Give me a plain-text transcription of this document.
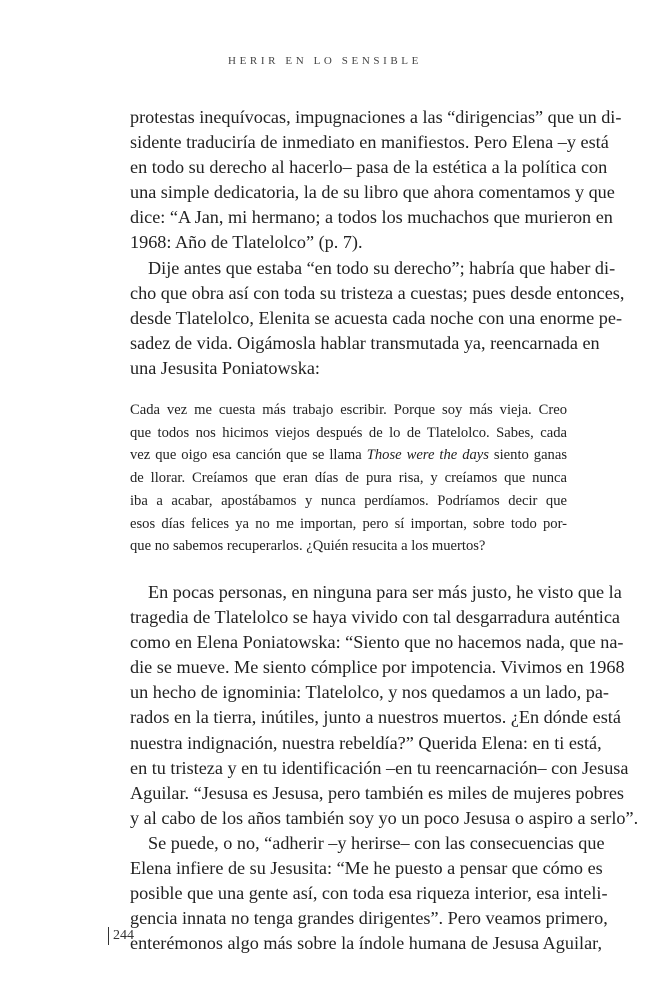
HERIR EN LO SENSIBLE
protestas inequívocas, impugnaciones a las “dirigencias” que un di-
sidente traduciría de inmediato en manifiestos. Pero Elena –y está
en todo su derecho al hacerlo– pasa de la estética a la política con
una simple dedicatoria, la de su libro que ahora comentamos y que
dice: “A Jan, mi hermano; a todos los muchachos que murieron en
1968: Año de Tlatelolco” (p. 7).
Dije antes que estaba “en todo su derecho”; habría que haber di-
cho que obra así con toda su tristeza a cuestas; pues desde entonces,
desde Tlatelolco, Elenita se acuesta cada noche con una enorme pe-
sadez de vida. Oigámosla hablar transmutada ya, reencarnada en
una Jesusita Poniatowska:
Cada vez me cuesta más trabajo escribir. Porque soy más vieja. Creo
que todos nos hicimos viejos después de lo de Tlatelolco. Sabes, cada
vez que oigo esa canción que se llama Those were the days siento ganas
de llorar. Creíamos que eran días de pura risa, y creíamos que nunca
iba a acabar, apostábamos y nunca perdíamos. Podríamos decir que
esos días felices ya no me importan, pero sí importan, sobre todo por-
que no sabemos recuperarlos. ¿Quién resucita a los muertos?
En pocas personas, en ninguna para ser más justo, he visto que la
tragedia de Tlatelolco se haya vivido con tal desgarradura auténtica
como en Elena Poniatowska: “Siento que no hacemos nada, que na-
die se mueve. Me siento cómplice por impotencia. Vivimos en 1968
un hecho de ignominia: Tlatelolco, y nos quedamos a un lado, pa-
rados en la tierra, inútiles, junto a nuestros muertos. ¿En dónde está
nuestra indignación, nuestra rebeldía?” Querida Elena: en ti está,
en tu tristeza y en tu identificación –en tu reencarnación– con Jesusa
Aguilar. “Jesusa es Jesusa, pero también es miles de mujeres pobres
y al cabo de los años también soy yo un poco Jesusa o aspiro a serlo”.
Se puede, o no, “adherir –y herirse– con las consecuencias que
Elena infiere de su Jesusita: “Me he puesto a pensar que cómo es
posible que una gente así, con toda esa riqueza interior, esa inteli-
gencia innata no tenga grandes dirigentes”. Pero veamos primero,
enterémonos algo más sobre la índole humana de Jesusa Aguilar,
244
